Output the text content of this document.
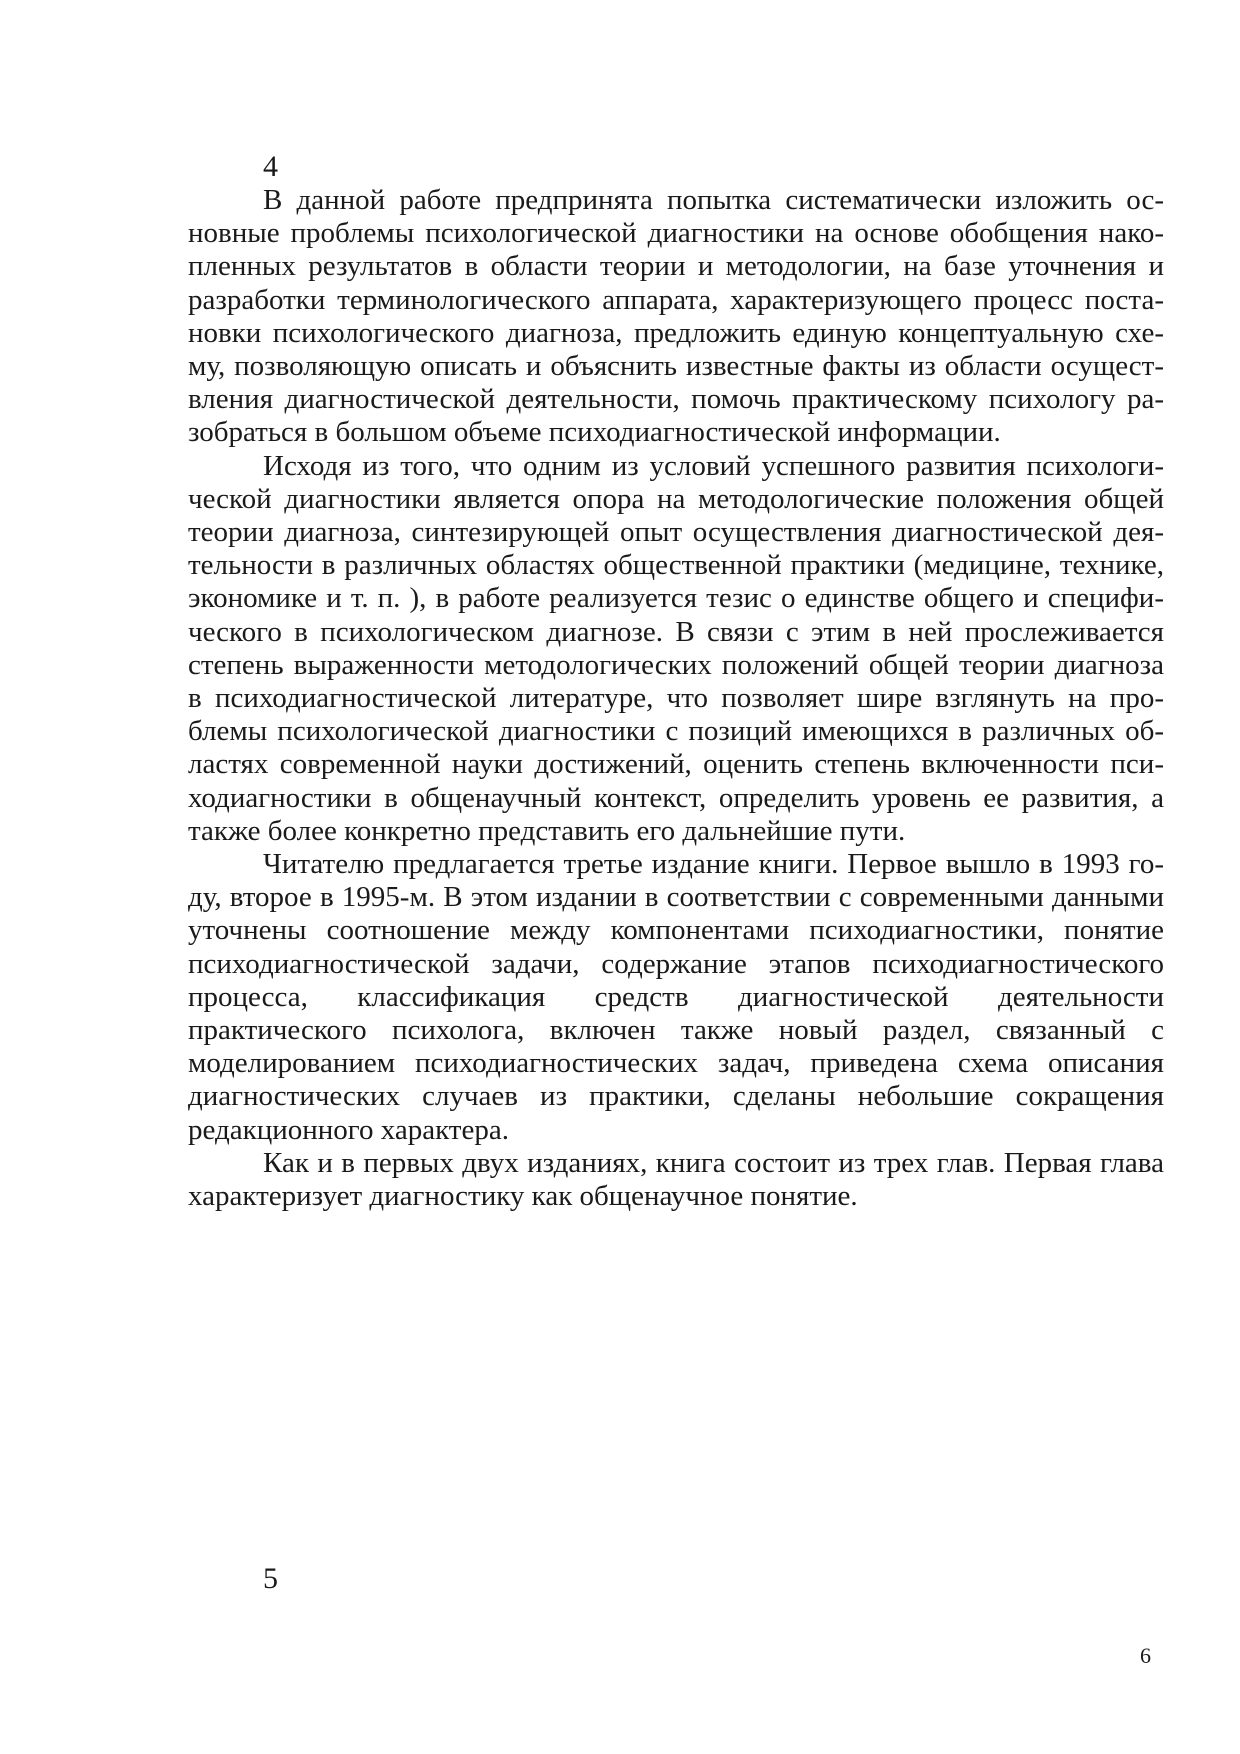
4

В данной работе предпринята попытка систематически изложить основные проблемы психологической диагностики на основе обобщения накопленных результатов в области теории и методологии, на базе уточнения и разработки терминологического аппарата, характеризующего процесс постановки психологического диагноза, предложить единую концептуальную схему, позволяющую описать и объяснить известные факты из области осуществления диагностической деятельности, помочь практическому психологу разобраться в большом объеме психодиагностической информации.

Исходя из того, что одним из условий успешного развития психологической диагностики является опора на методологические положения общей теории диагноза, синтезирующей опыт осуществления диагностической деятельности в различных областях общественной практики (медицине, технике, экономике и т. п. ), в работе реализуется тезис о единстве общего и специфического в психологическом диагнозе. В связи с этим в ней прослеживается степень выраженности методологических положений общей теории диагноза в психодиагностической литературе, что позволяет шире взглянуть на проблемы психологической диагностики с позиций имеющихся в различных областях современной науки достижений, оценить степень включенности психодиагностики в общенаучный контекст, определить уровень ее развития, а также более конкретно представить его дальнейшие пути.

Читателю предлагается третье издание книги. Первое вышло в 1993 году, второе в 1995-м. В этом издании в соответствии с современными данными уточнены соотношение между компонентами психодиагностики, понятие психодиагностической задачи, содержание этапов психодиагностического процесса, классификация средств диагностической деятельности практического психолога, включен также новый раздел, связанный с моделированием психодиагностических задач, приведена схема описания диагностических случаев из практики, сделаны небольшие сокращения редакционного характера.

Как и в первых двух изданиях, книга состоит из трех глав. Первая глава характеризует диагностику как общенаучное понятие.

5

6
